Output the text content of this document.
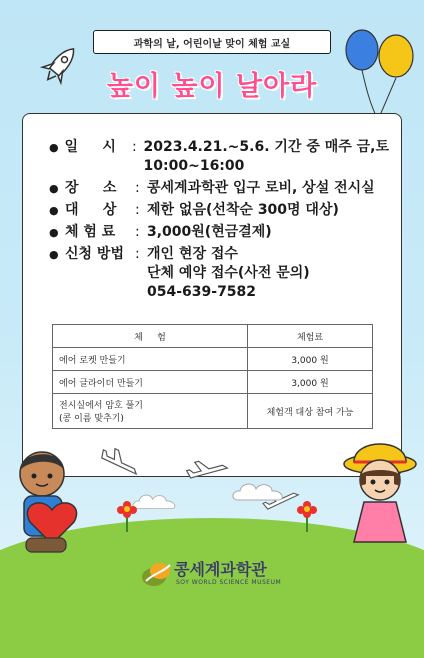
과학의 날, 어린이날 맞이 체험 교실
높이 높이 날아라
● 일     시	: 2023.4.21.~5.6. 기간 중 매주 금,토
10:00~16:00
● 장     소	: 콩세계과학관 입구 로비, 상설 전시실
● 대     상	: 제한 없음(선착순 300명 대상)
● 체 험 료	: 3,000원(현금결제)
● 신청 방법 : 개인 현장 접수
단체 예약 접수(사전 문의)
054-639-7582
체     험	체험료
에어 로켓 만들기	3,000 원
에어 글라이더 만들기	3,000 원

전시실에서 암호 풀기
(콩 이름 맞추기)	체험객 대상 참여 가능
콩세계과학관
SOY WORLD SCIENCE MUSEUM
